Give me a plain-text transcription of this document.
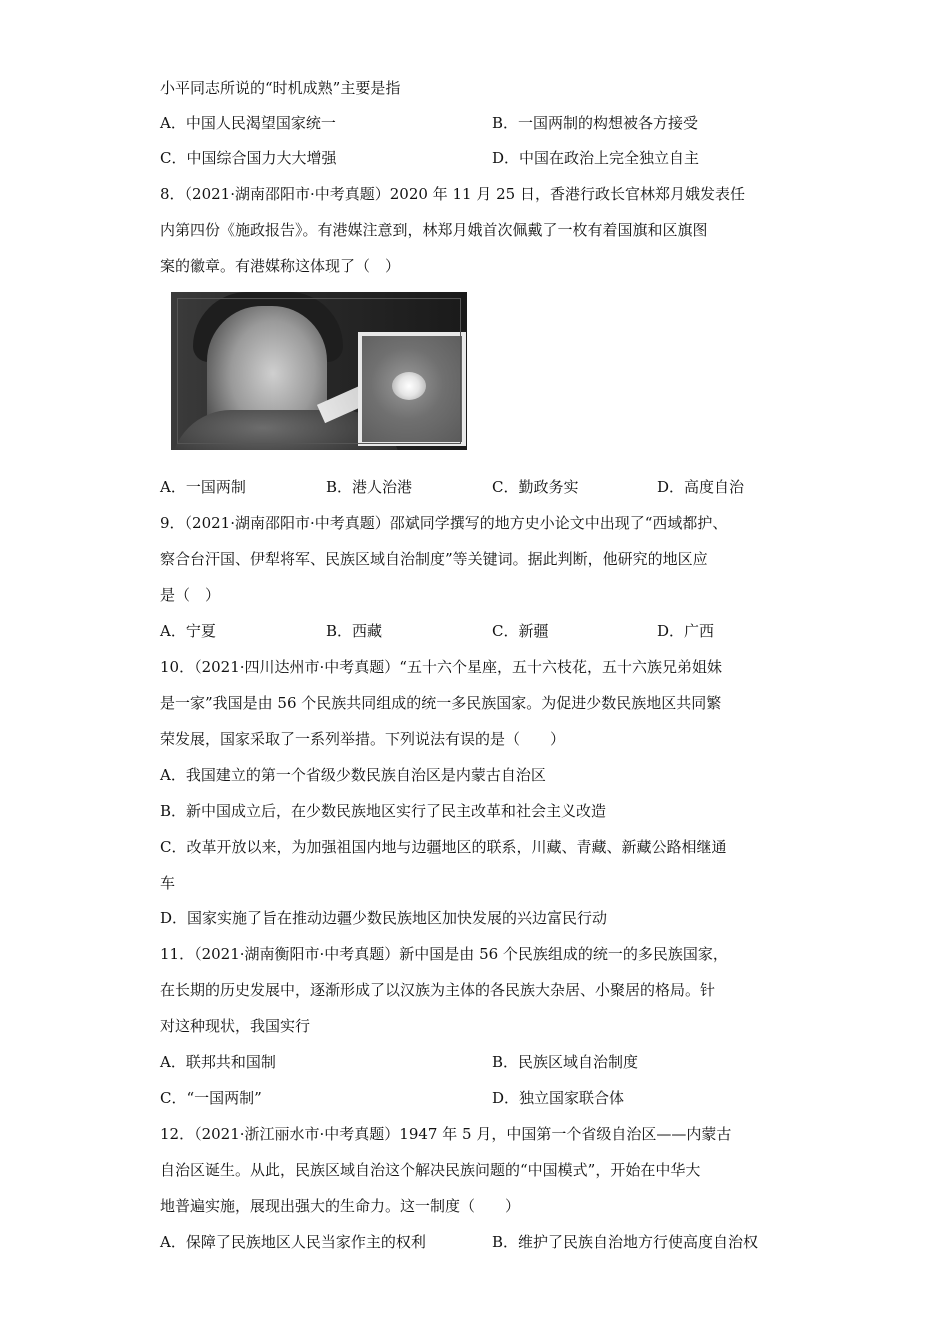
小平同志所说的“时机成熟”主要是指
A．中国人民渴望国家统一	B．一国两制的构想被各方接受
C．中国综合国力大大增强	D．中国在政治上完全独立自主
8．（2021·湖南邵阳市·中考真题）2020 年 11 月 25 日，香港行政长官林郑月娥发表任
内第四份《施政报告》。有港媒注意到，林郑月娥首次佩戴了一枚有着国旗和区旗图
案的徽章。有港媒称这体现了（　）
A．一国两制	B．港人治港	C．勤政务实	D．高度自治
9．（2021·湖南邵阳市·中考真题）邵斌同学撰写的地方史小论文中出现了“西域都护、
察合台汗国、伊犁将军、民族区域自治制度”等关键词。据此判断，他研究的地区应
是（　）
A．宁夏	B．西藏	C．新疆	D．广西
10．（2021·四川达州市·中考真题）“五十六个星座，五十六枝花，五十六族兄弟姐妹
是一家”我国是由 56 个民族共同组成的统一多民族国家。为促进少数民族地区共同繁
荣发展，国家采取了一系列举措。下列说法有误的是（　　）
A．我国建立的第一个省级少数民族自治区是内蒙古自治区
B．新中国成立后，在少数民族地区实行了民主改革和社会主义改造
C．改革开放以来，为加强祖国内地与边疆地区的联系，川藏、青藏、新藏公路相继通
车
D．国家实施了旨在推动边疆少数民族地区加快发展的兴边富民行动
11．（2021·湖南衡阳市·中考真题）新中国是由 56 个民族组成的统一的多民族国家，
在长期的历史发展中，逐渐形成了以汉族为主体的各民族大杂居、小聚居的格局。针
对这种现状，我国实行
A．联邦共和国制	B．民族区域自治制度
C．“一国两制”	D．独立国家联合体
12．（2021·浙江丽水市·中考真题）1947 年 5 月，中国第一个省级自治区——内蒙古
自治区诞生。从此，民族区域自治这个解决民族问题的“中国模式”，开始在中华大
地普遍实施，展现出强大的生命力。这一制度（　　）
A．保障了民族地区人民当家作主的权利	B．维护了民族自治地方行使高度自治权
